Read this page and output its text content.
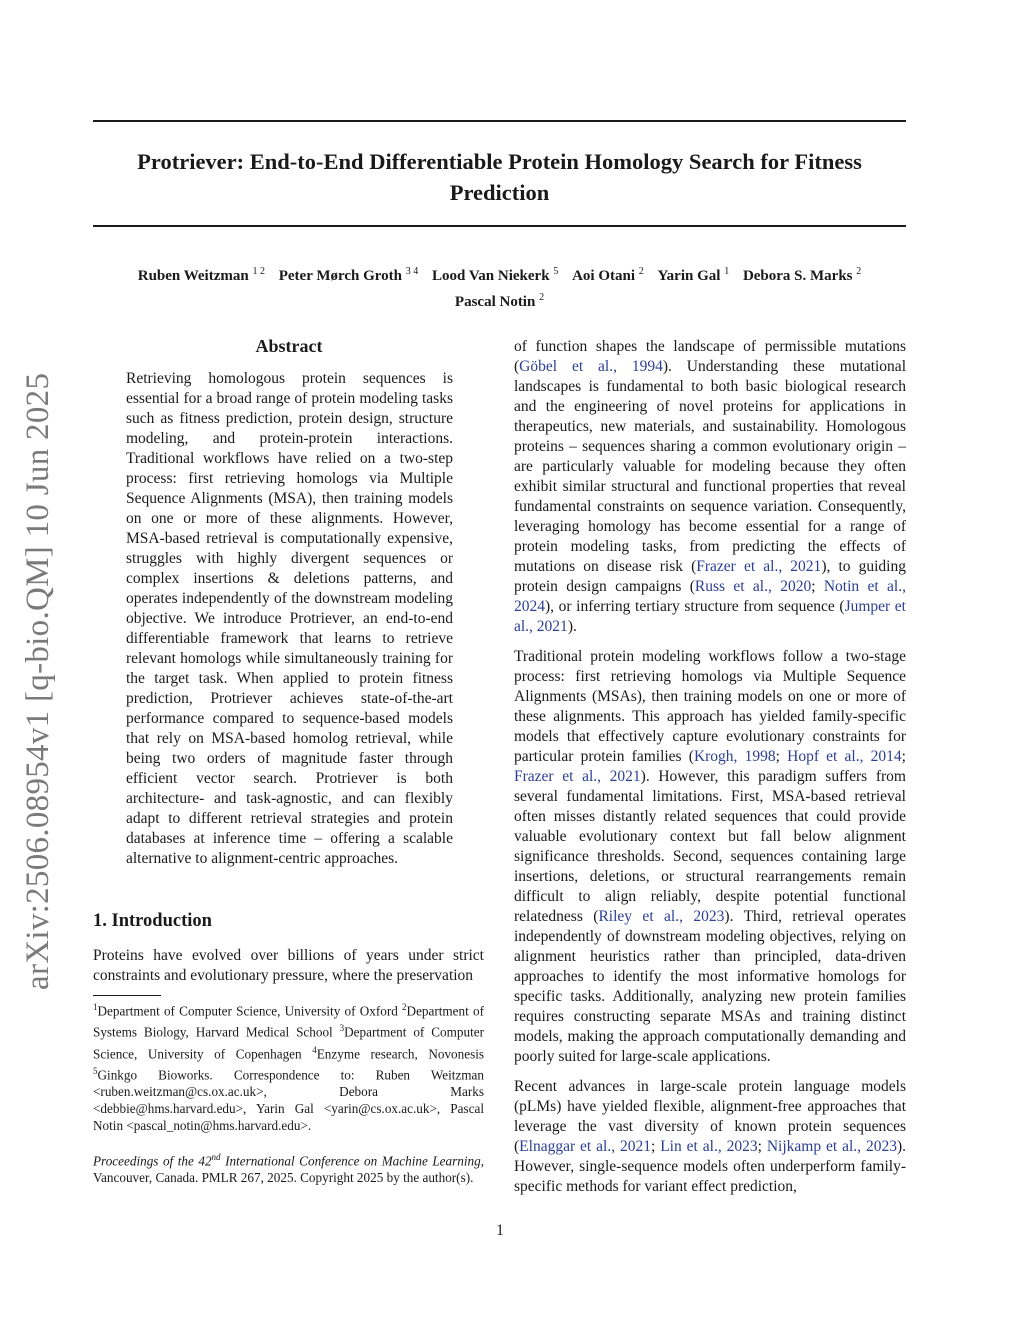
Protriever: End-to-End Differentiable Protein Homology Search for Fitness Prediction
Ruben Weitzman $^{1 2}$ Peter Mørch Groth $^{3 4}$ Lood Van Niekerk $^5$ Aoi Otani $^2$ Yarin Gal $^1$ Debora S. Marks $^2$
Pascal Notin $^2$
arXiv:2506.08954v1 [q-bio.QM] 10 Jun 2025
Abstract
Retrieving homologous protein sequences is essential for a broad range of protein modeling tasks such as fitness prediction, protein design, structure modeling, and protein-protein interactions. Traditional workflows have relied on a two-step process: first retrieving homologs via Multiple Sequence Alignments (MSA), then training models on one or more of these alignments. However, MSA-based retrieval is computationally expensive, struggles with highly divergent sequences or complex insertions & deletions patterns, and operates independently of the downstream modeling objective. We introduce Protriever, an end-to-end differentiable framework that learns to retrieve relevant homologs while simultaneously training for the target task. When applied to protein fitness prediction, Protriever achieves state-of-the-art performance compared to sequence-based models that rely on MSA-based homolog retrieval, while being two orders of magnitude faster through efficient vector search. Protriever is both architecture- and task-agnostic, and can flexibly adapt to different retrieval strategies and protein databases at inference time – offering a scalable alternative to alignment-centric approaches.
1. Introduction
Proteins have evolved over billions of years under strict constraints and evolutionary pressure, where the preservation
$^1$Department of Computer Science, University of Oxford $^2$Department of Systems Biology, Harvard Medical School $^3$Department of Computer Science, University of Copenhagen $^4$Enzyme research, Novonesis $^5$Ginkgo Bioworks. Correspondence to: Ruben Weitzman <ruben.weitzman@cs.ox.ac.uk>, Debora Marks <debbie@hms.harvard.edu>, Yarin Gal <yarin@cs.ox.ac.uk>, Pascal Notin <pascal_notin@hms.harvard.edu>.
Proceedings of the 42nd International Conference on Machine Learning, Vancouver, Canada. PMLR 267, 2025. Copyright 2025 by the author(s).
of function shapes the landscape of permissible mutations (Göbel et al., 1994). Understanding these mutational landscapes is fundamental to both basic biological research and the engineering of novel proteins for applications in therapeutics, new materials, and sustainability. Homologous proteins – sequences sharing a common evolutionary origin – are particularly valuable for modeling because they often exhibit similar structural and functional properties that reveal fundamental constraints on sequence variation. Consequently, leveraging homology has become essential for a range of protein modeling tasks, from predicting the effects of mutations on disease risk (Frazer et al., 2021), to guiding protein design campaigns (Russ et al., 2020; Notin et al., 2024), or inferring tertiary structure from sequence (Jumper et al., 2021).
Traditional protein modeling workflows follow a two-stage process: first retrieving homologs via Multiple Sequence Alignments (MSAs), then training models on one or more of these alignments. This approach has yielded family-specific models that effectively capture evolutionary constraints for particular protein families (Krogh, 1998; Hopf et al., 2014; Frazer et al., 2021). However, this paradigm suffers from several fundamental limitations. First, MSA-based retrieval often misses distantly related sequences that could provide valuable evolutionary context but fall below alignment significance thresholds. Second, sequences containing large insertions, deletions, or structural rearrangements remain difficult to align reliably, despite potential functional relatedness (Riley et al., 2023). Third, retrieval operates independently of downstream modeling objectives, relying on alignment heuristics rather than principled, data-driven approaches to identify the most informative homologs for specific tasks. Additionally, analyzing new protein families requires constructing separate MSAs and training distinct models, making the approach computationally demanding and poorly suited for large-scale applications.
Recent advances in large-scale protein language models (pLMs) have yielded flexible, alignment-free approaches that leverage the vast diversity of known protein sequences (Elnaggar et al., 2021; Lin et al., 2023; Nijkamp et al., 2023). However, single-sequence models often underperform family-specific methods for variant effect prediction,
1
